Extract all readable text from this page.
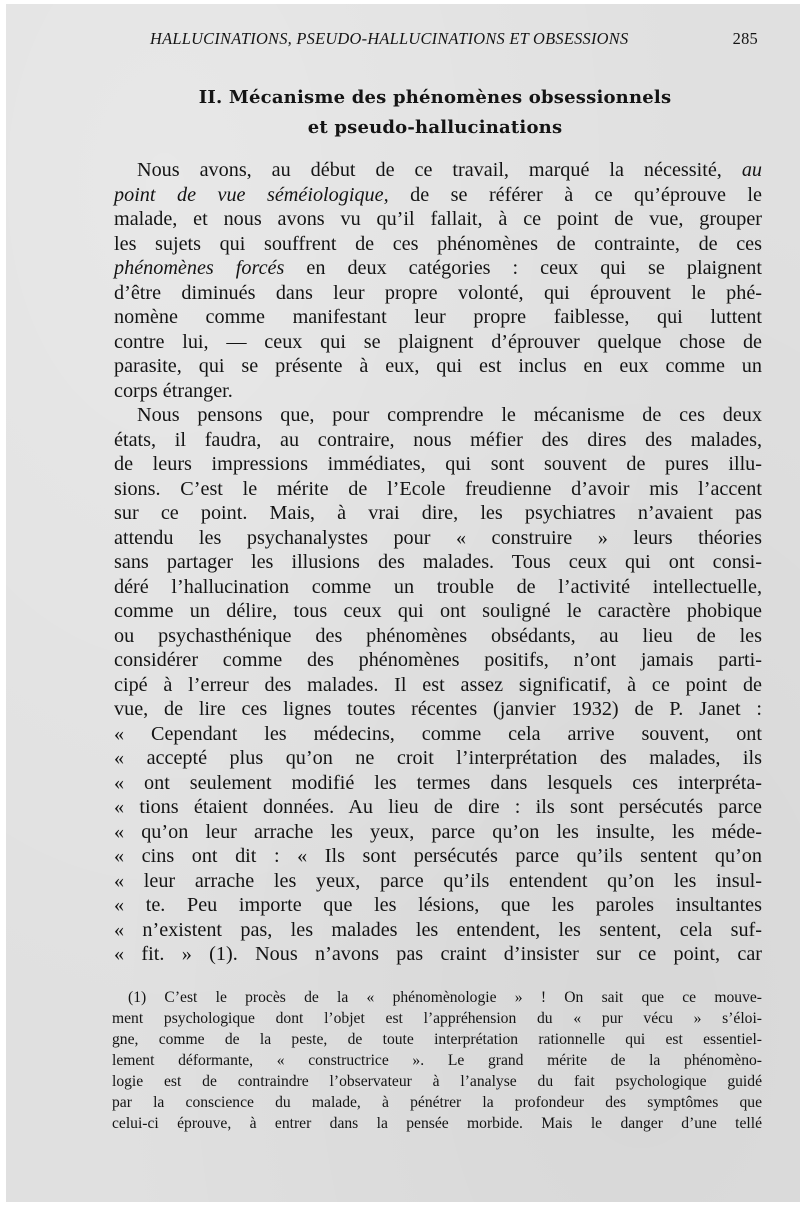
HALLUCINATIONS, PSEUDO-HALLUCINATIONS ET OBSESSIONS	285
II. Mécanisme des phénomènes obsessionnels
et pseudo-hallucinations
Nous avons, au début de ce travail, marqué la nécessité, au
point de vue séméiologique, de se référer à ce qu’éprouve le
malade, et nous avons vu qu’il fallait, à ce point de vue, grouper
les sujets qui souffrent de ces phénomènes de contrainte, de ces
phénomènes forcés en deux catégories : ceux qui se plaignent
d’être diminués dans leur propre volonté, qui éprouvent le phé-
nomène comme manifestant leur propre faiblesse, qui luttent
contre lui, — ceux qui se plaignent d’éprouver quelque chose de
parasite, qui se présente à eux, qui est inclus en eux comme un
corps étranger.
Nous pensons que, pour comprendre le mécanisme de ces deux
états, il faudra, au contraire, nous méfier des dires des malades,
de leurs impressions immédiates, qui sont souvent de pures illu-
sions. C’est le mérite de l’Ecole freudienne d’avoir mis l’accent
sur ce point. Mais, à vrai dire, les psychiatres n’avaient pas
attendu les psychanalystes pour « construire » leurs théories
sans partager les illusions des malades. Tous ceux qui ont consi-
déré l’hallucination comme un trouble de l’activité intellectuelle,
comme un délire, tous ceux qui ont souligné le caractère phobique
ou psychasthénique des phénomènes obsédants, au lieu de les
considérer comme des phénomènes positifs, n’ont jamais parti-
cipé à l’erreur des malades. Il est assez significatif, à ce point de
vue, de lire ces lignes toutes récentes (janvier 1932) de P. Janet :
« Cependant les médecins, comme cela arrive souvent, ont
« accepté plus qu’on ne croit l’interprétation des malades, ils
« ont seulement modifié les termes dans lesquels ces interpréta-
« tions étaient données. Au lieu de dire : ils sont persécutés parce
« qu’on leur arrache les yeux, parce qu’on les insulte, les méde-
« cins ont dit : « Ils sont persécutés parce qu’ils sentent qu’on
« leur arrache les yeux, parce qu’ils entendent qu’on les insul-
« te. Peu importe que les lésions, que les paroles insultantes
« n’existent pas, les malades les entendent, les sentent, cela suf-
« fit. » (1). Nous n’avons pas craint d’insister sur ce point, car
(1) C’est le procès de la « phénomènologie » ! On sait que ce mouve-
ment psychologique dont l’objet est l’appréhension du « pur vécu » s’éloi-
gne, comme de la peste, de toute interprétation rationnelle qui est essentiel-
lement déformante, « constructrice ». Le grand mérite de la phénomèno-
logie est de contraindre l’observateur à l’analyse du fait psychologique guidé
par la conscience du malade, à pénétrer la profondeur des symptômes que
celui-ci éprouve, à entrer dans la pensée morbide. Mais le danger d’une tellé
